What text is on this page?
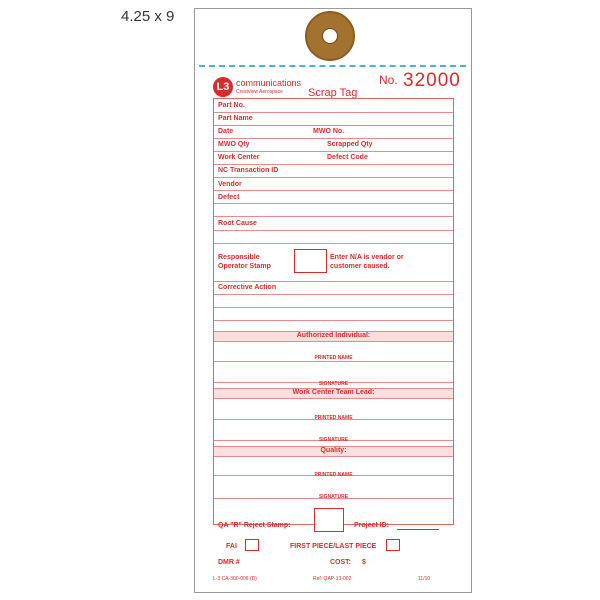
4.25 x 9
L3 communications
Crestview Aerospace
No. 32000
Scrap Tag
Part No.
Part Name
Date	MWO No.
MWO Qty	Scrapped Qty
Work Center	Defect Code
NC Transaction ID
Vendor
Defect
Root Cause
Responsible
Operator Stamp
Enter N/A is vendor or
customer caused.
Corrective Action
Authorized Individual:
PRINTED NAME
SIGNATURE
Work Center Team Lead:
PRINTED NAME
SIGNATURE
Quality:
PRINTED NAME
SIGNATURE
QA "R" Reject Stamp:	Project ID:
FAI	FIRST PIECE/LAST PIECE
DMR #	COST: $
L-3 CA-300-006 (D)	Ref: QAP-13-002	11/10
